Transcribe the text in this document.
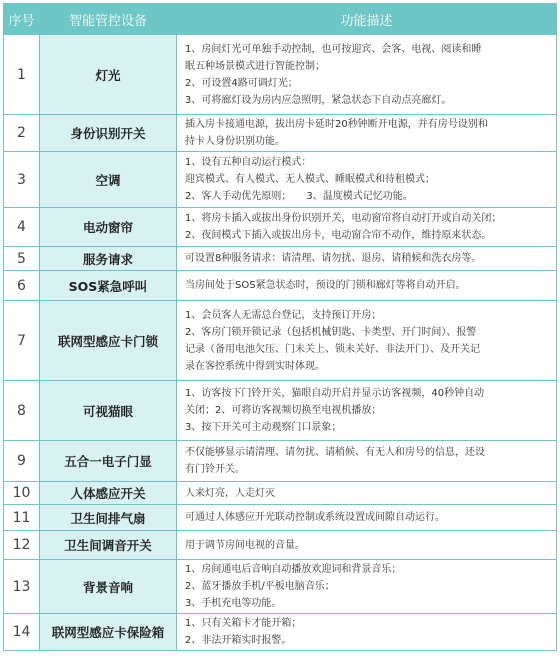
序号	智能管控设备	功能描述
1	灯光	1、房间灯光可单独手动控制，也可按迎宾、会客、电视、阅读和睡
眠五种场景模式进行智能控制；
2、可设置4路可调灯光；
3、可将廊灯设为房内应急照明，紧急状态下自动点亮廊灯。

2	身份识别开关	插入房卡接通电源，拔出房卡延时20秒钟断开电源，并有房号设别和
持卡人身份识别功能。

3	空调	1、设有五种自动运行模式：
迎宾模式、有人模式、无人模式、睡眠模式和待租模式；
2、客人手动优先原则；　　3、温度模式记忆功能。

4	电动窗帘	1、将房卡插入或拔出身份识别开关，电动窗帘将自动打开或自动关闭；
2、夜间模式下插入或拔出房卡，电动窗合帘不动作，维持原来状态。

5	服务请求	可设置8种服务请求：请清理、请勿扰、退房、请稍候和洗衣房等。

6	SOS紧急呼叫	当房间处于SOS紧急状态时，预设的门锁和廊灯等将自动开启。

7	联网型感应卡门锁	1、会员客人无需总台登记，支持预订开房；
2、客房门锁开锁记录（包括机械钥匙、卡类型、开门时间）、报警
记录（备用电池欠压、门未关上、锁未关好、非法开门）、及开关记
录在客控系统中得到实时体现。

8	可视猫眼	1、访客按下门铃开关，猫眼自动开启并显示访客视频，40秒钟自动
关闭；2、可将访客视频切换至电视机播放；
3、按下开关可主动观察门口景象；

9	五合一电子门显	不仅能够显示请清理、请勿扰、请稍候、有无人和房号的信息，还设
有门铃开关。

10	人体感应开关	人来灯亮，人走灯灭

11	卫生间排气扇	可通过人体感应开光联动控制或系统设置成间隙自动运行。

12	卫生间调音开关	用于调节房间电视的音量。

13	背景音响	1、房间通电后音响自动播放欢迎词和背景音乐；
2、蓝牙播放手机/平板电脑音乐；
3、手机充电等功能。

14	联网型感应卡保险箱	1、只有关箱卡才能开箱；
2、非法开箱实时报警。
